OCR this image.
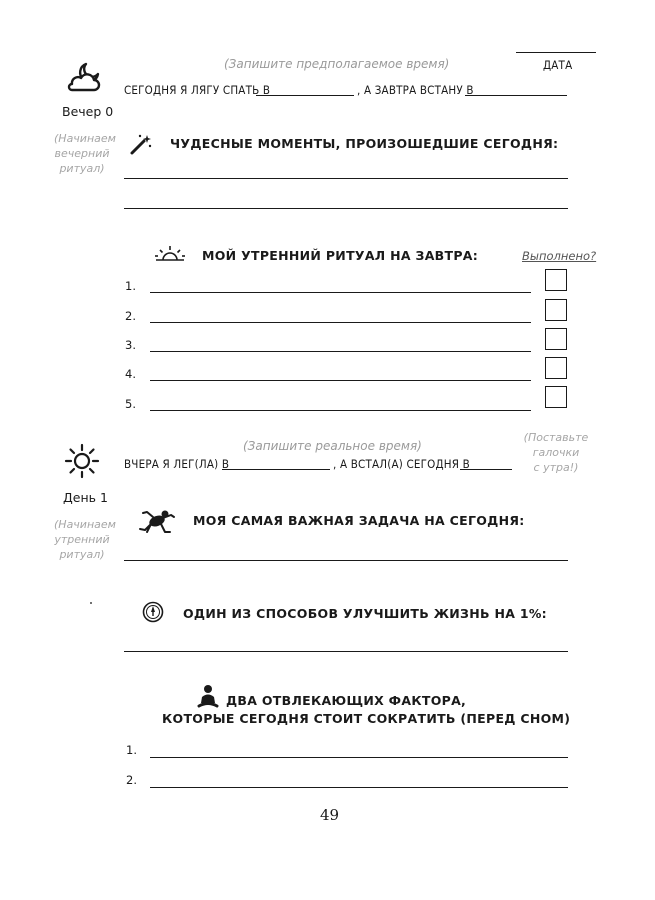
ДАТА
(Запишите предполагаемое время)
Вечер 0
(Начинаем
вечерний
ритуал)
СЕГОДНЯ Я ЛЯГУ СПАТЬ В	, А ЗАВТРА ВСТАНУ В
ЧУДЕСНЫЕ МОМЕНТЫ, ПРОИЗОШЕДШИЕ СЕГОДНЯ:
МОЙ УТРЕННИЙ РИТУАЛ НА ЗАВТРА:	Выполнено?
1.
2.
3.
4.
5.
(Поставьте
галочки
с утра!)
(Запишите реальное время)
День 1
(Начинаем
утренний
ритуал)
ВЧЕРА Я ЛЕГ(ЛА) В	, А ВСТАЛ(А) СЕГОДНЯ В
МОЯ САМАЯ ВАЖНАЯ ЗАДАЧА НА СЕГОДНЯ:
ОДИН ИЗ СПОСОБОВ УЛУЧШИТЬ ЖИЗНЬ НА 1%:
ДВА ОТВЛЕКАЮЩИХ ФАКТОРА,
КОТОРЫЕ СЕГОДНЯ СТОИТ СОКРАТИТЬ (ПЕРЕД СНОМ)
1.
2.
49
